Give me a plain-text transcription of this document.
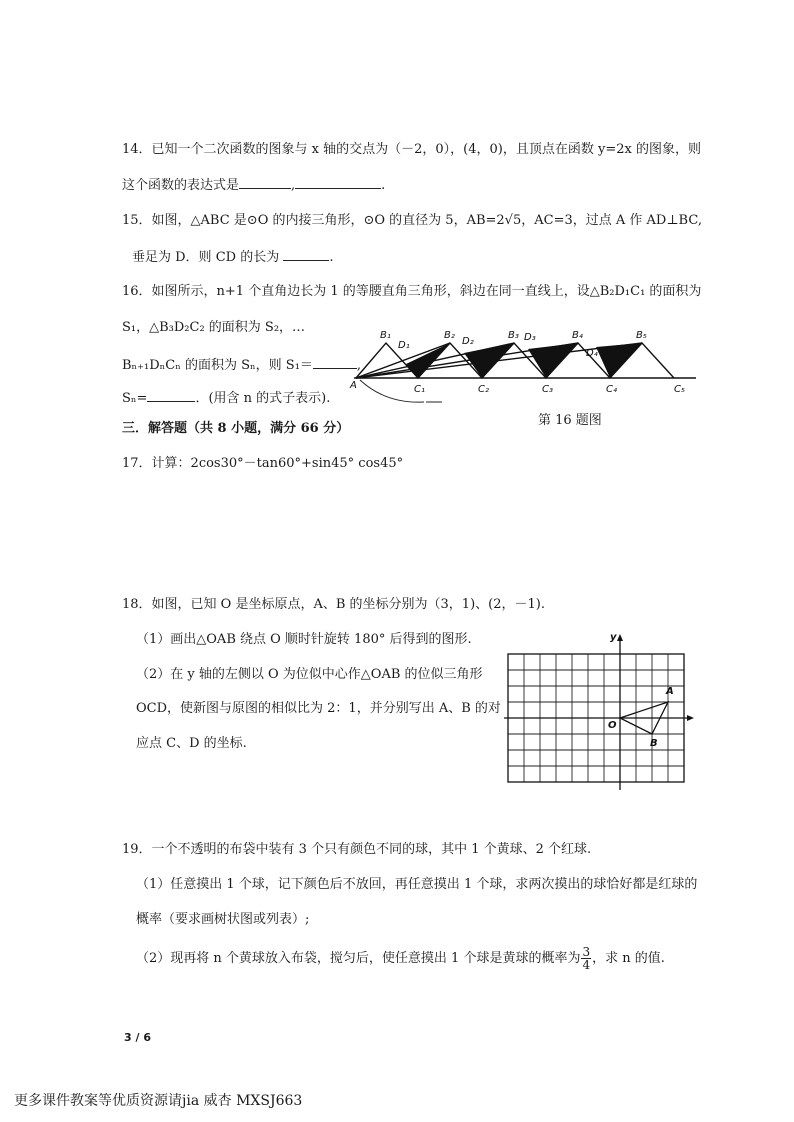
14．已知一个二次函数的图象与 x 轴的交点为（－2，0），(4，0)，且顶点在函数 y=2x 的图象，则
这个函数的表达式是	,	.
15．如图，△ABC 是⊙O 的内接三角形，⊙O 的直径为 5，AB=2√5，AC=3，过点 A 作 AD⊥BC,
垂足为 D．则 CD 的长为	.
16．如图所示，n+1 个直角边长为 1 的等腰直角三角形，斜边在同一直线上，设△B₂D₁C₁ 的面积为
S₁，△B₃D₂C₂ 的面积为 S₂，…
Bₙ₊₁DₙCₙ 的面积为 Sₙ，则 S₁＝	,
Sₙ=	．(用含 n 的式子表示).
A
B₁	B₂	B₃	B₄	B₅
C₁	C₂	C₃	C₄	C₅
D₁	D₂	D₃
D₄
第 16 题图
三．解答题（共 8 小题，满分 66 分）
17．计算：2cos30°－tan60°+sin45° cos45°
18．如图，已知 O 是坐标原点，A、B 的坐标分别为（3，1)、(2，－1).
（1）画出△OAB 绕点 O 顺时针旋转 180° 后得到的图形.
（2）在 y 轴的左侧以 O 为位似中心作△OAB 的位似三角形
OCD，使新图与原图的相似比为 2：1，并分别写出 A、B 的对
应点 C、D 的坐标.
y
O
A
B
19．一个不透明的布袋中装有 3 个只有颜色不同的球，其中 1 个黄球、2 个红球.
（1）任意摸出 1 个球，记下颜色后不放回，再任意摸出 1 个球，求两次摸出的球恰好都是红球的
概率（要求画树状图或列表）;
（2）现再将 n 个黄球放入布袋，搅匀后，使任意摸出 1 个球是黄球的概率为 $\frac{3}{4}$ ，求 n 的值.
3 / 6
更多课件教案等优质资源请jia 威杏 MXSJ663
